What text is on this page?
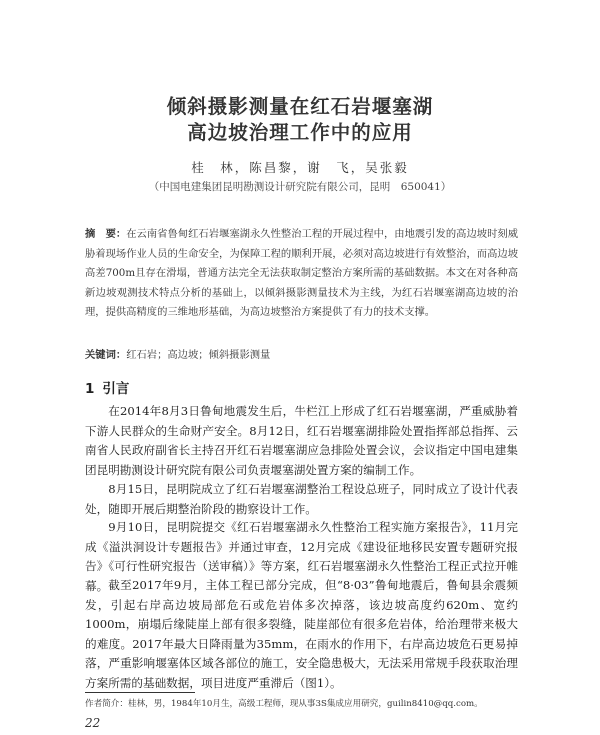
倾斜摄影测量在红石岩堰塞湖
高边坡治理工作中的应用
桂　林，陈昌黎，谢　飞，吴张毅
（中国电建集团昆明勘测设计研究院有限公司，昆明　650041）
摘　要：在云南省鲁甸红石岩堰塞湖永久性整治工程的开展过程中，由地震引发的高边坡时刻威胁着现场作业人员的生命安全，为保障工程的顺利开展，必须对高边坡进行有效整治，而高边坡高差700m且存在滑塌，普通方法完全无法获取制定整治方案所需的基础数据。本文在对各种高新边坡观测技术特点分析的基础上，以倾斜摄影测量技术为主线，为红石岩堰塞湖高边坡的治理，提供高精度的三维地形基础，为高边坡整治方案提供了有力的技术支撑。
关键词：红石岩；高边坡；倾斜摄影测量
1 引言

在2014年8月3日鲁甸地震发生后，牛栏江上形成了红石岩堰塞湖，严重威胁着下游人民群众的生命财产安全。8月12日，红石岩堰塞湖排险处置指挥部总指挥、云南省人民政府副省长主持召开红石岩堰塞湖应急排险处置会议，会议指定中国电建集团昆明勘测设计研究院有限公司负责堰塞湖处置方案的编制工作。

8月15日，昆明院成立了红石岩堰塞湖整治工程设总班子，同时成立了设计代表处，随即开展后期整治阶段的勘察设计工作。

9月10日，昆明院提交《红石岩堰塞湖永久性整治工程实施方案报告》，11月完成《溢洪洞设计专题报告》并通过审查，12月完成《建设征地移民安置专题研究报告》《可行性研究报告（送审稿）》等方案，红石岩堰塞湖永久性整治工程正式拉开帷幕。 截至2017年9月，主体工程已部分完成，但“8·03”鲁甸地震后，鲁甸县余震频发，引起右岸高边坡局部危石或危岩体多次掉落，该边坡高度约620m、宽约1000m，崩塌后缘陡崖上部有很多裂缝，陡崖部位有很多危岩体，给治理带来极大的难度。2017年最大日降雨量为35mm，在雨水的作用下，右岸高边坡危石更易掉落，严重影响堰塞体区域各部位的施工，安全隐患极大，无法采用常规手段获取治理方案所需的基础数据，项目进度严重滞后（图1）。

作者简介：桂林，男，1984年10月生，高级工程师，现从事3S集成应用研究，guilin8410@qq.com。
22
